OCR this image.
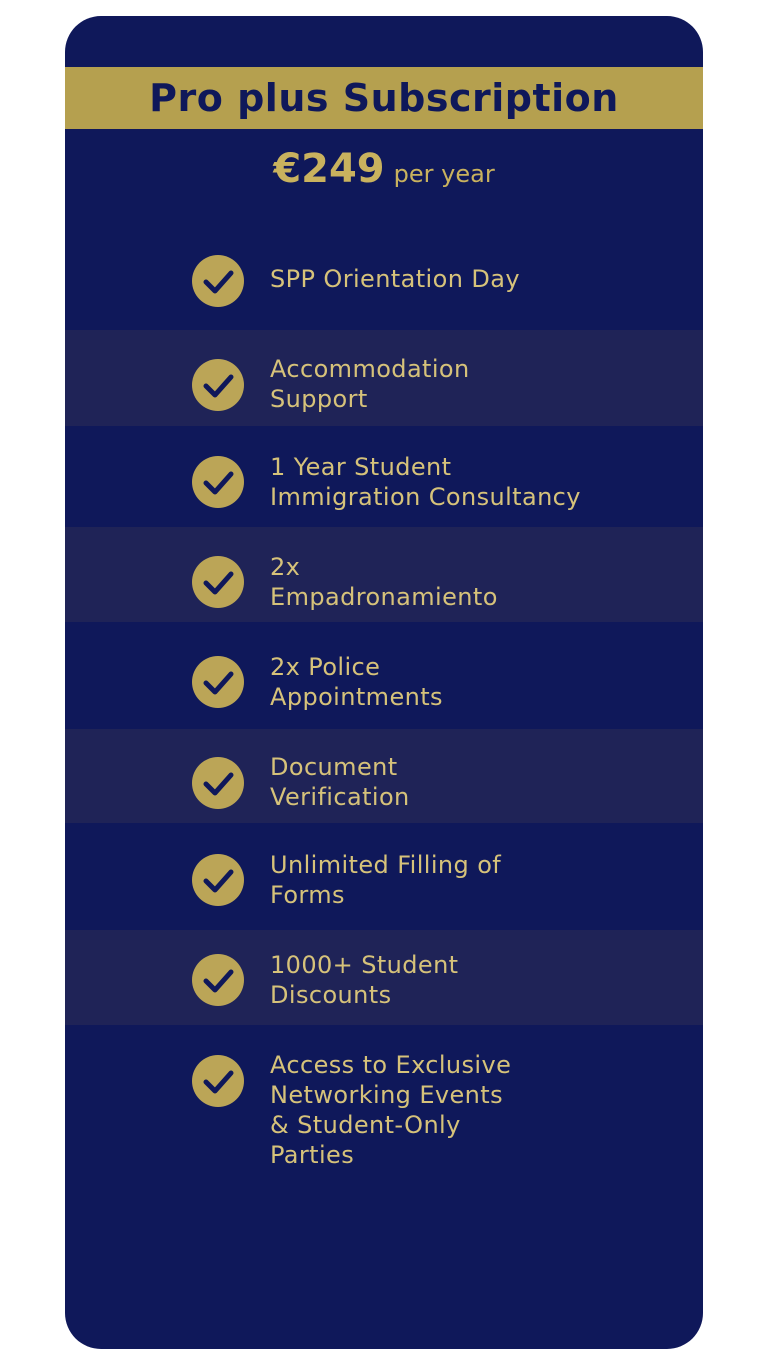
Pro plus Subscription
€249 per year
SPP Orientation Day
Accommodation
Support
1 Year Student
Immigration Consultancy
2x
Empadronamiento
2x Police
Appointments
Document
Verification
Unlimited Filling of
Forms
1000+ Student
Discounts
Access to Exclusive
Networking Events
& Student-Only
Parties
